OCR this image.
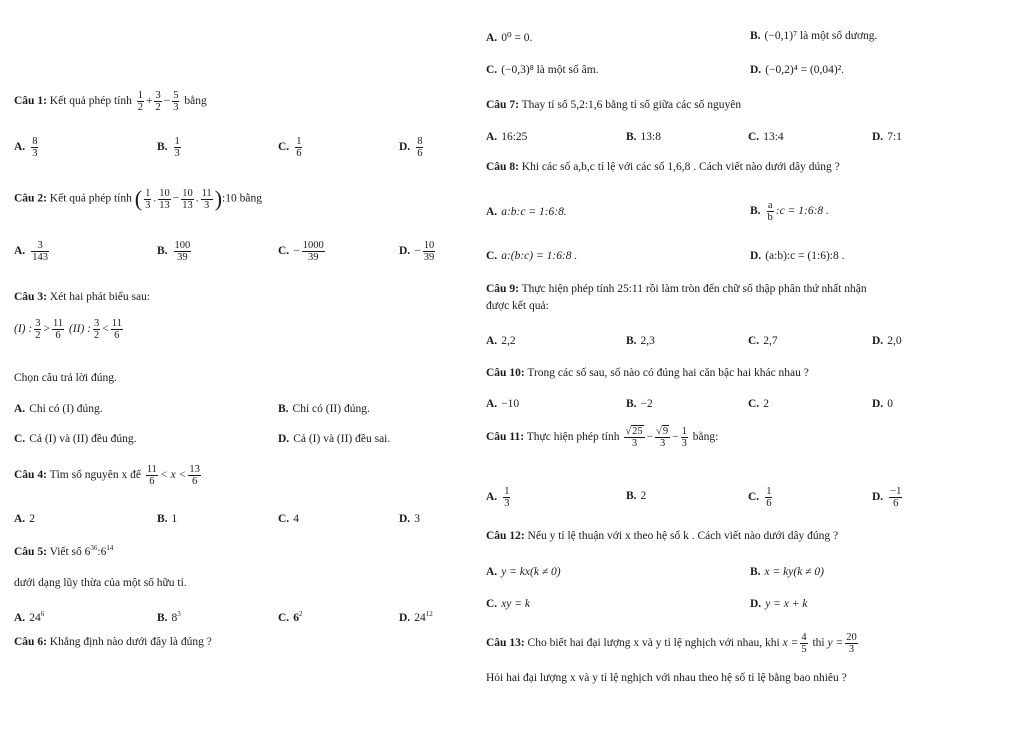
Câu 1: Kết quả phép tính $\frac{1}{2} + \frac{3}{2} - \frac{5}{3}$ bằng
A. $\frac{8}{3}$	B. $\frac{1}{3}$	C. $\frac{1}{6}$	D. $\frac{8}{6}$
Câu 2: Kết quả phép tính ( $\frac{1}{3}$ . $\frac{10}{13} - \frac{10}{13}$ . $\frac{11}{3}$ ):10 bằng
A. $\frac{3}{143}$	B. $\frac{100}{39}$	C. − $\frac{1000}{39}$	D. − $\frac{10}{39}$
Câu 3: Xét hai phát biểu sau:
(I) : $\frac{3}{2} > \frac{11}{6} (II)$ : $\frac{3}{2} < \frac{11}{6}$
Chọn câu trả lời đúng.
A. Chỉ có (I) đúng.	B. Chỉ có (II) đúng.
C. Cả (I) và (II) đều đúng.	D. Cả (I) và (II) đều sai.
Câu 4: Tìm số nguyên x để $\frac{11}{6} < x < \frac{13}{6}$
A. 2	B. 1	C. 4	D. 3
Câu 5: Viết số $6^{36}:6^{14}$
dưới dạng lũy thừa của một số hữu tỉ.
A. $24^6$	B. $8^3$	C. $6^2$	D. $24^{12}$
Câu 6: Khẳng định nào dưới đây là đúng ?
A. 0⁰ = 0.	B. (−0,1)⁷ là một số dương.
C. (−0,3)⁸ là một số âm.	D. (−0,2)⁴ = (0,04)².
Câu 7: Thay tỉ số 5,2:1,6 bằng tỉ số giữa các số nguyên
A. 16:25	B. 13:8	C. 13:4	D. 7:1
Câu 8: Khi các số a,b,c tỉ lệ với các số 1,6,8 . Cách viết nào dưới dây dúng ?
A. a:b:c = 1:6:8.	B. $\frac{a}{b}$ :c = 1:6:8 .
C. a:(b:c) = 1:6:8 .	D. (a:b):c = (1:6):8 .
Câu 9: Thực hiện phép tính 25:11 rồi làm tròn đến chữ số thập phân thứ nhất nhận
được kết quả:
A. 2,2	B. 2,3	C. 2,7	D. 2,0
Câu 10: Trong các số sau, số nào có đúng hai căn bậc hai khác nhau ?
A. −10	B. −2	C. 2	D. 0
Câu 11: Thực hiện phép tính $\frac{√25}{3} - \frac{√9}{3} - \frac{1}{3}$ bằng:
A. $\frac{1}{3}$	B. 2	C. $\frac{1}{6}$	D. $\frac{-1}{6}$
Câu 12: Nếu y tỉ lệ thuận với x theo hệ số k . Cách viết nào dưới dây đúng ?
A. y = kx(k ≠ 0)	B. x = ky(k ≠ 0)
C. xy = k	D. y = x + k
Câu 13: Cho biết hai đại lượng x và y tỉ lệ nghịch với nhau, khi $x = \frac{4}{5}$ thì $y = \frac{20}{3}$
Hỏi hai đại lượng x và y tỉ lệ nghịch với nhau theo hệ số tỉ lệ bằng bao nhiêu ?
